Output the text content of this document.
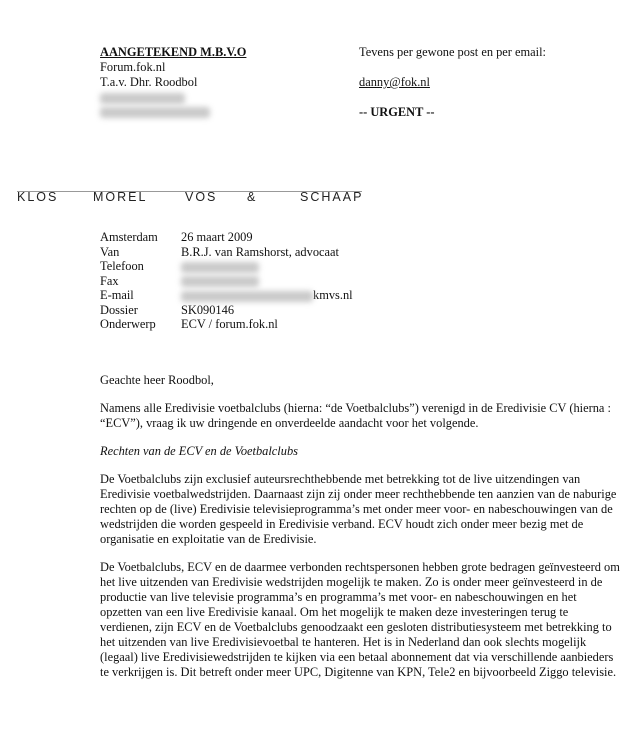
AANGETEKEND M.B.V.O
Forum.fok.nl
T.a.v. Dhr. Roodbol
Tevens per gewone post en per email:
danny@fok.nl
-- URGENT --
KLOS	MOREL	VOS &	SCHAAP
Amsterdam	26 maart 2009
Van	B.R.J. van Ramshorst, advocaat
Telefoon	
Fax	
E-mail	kmvs.nl
Dossier	SK090146
Onderwerp	ECV / forum.fok.nl

Geachte heer Roodbol,

Namens alle Eredivisie voetbalclubs (hierna: “de Voetbalclubs”) verenigd in de Eredivisie CV (hierna : “ECV”), vraag ik uw dringende en onverdeelde aandacht voor het volgende.

Rechten van de ECV en de Voetbalclubs

De Voetbalclubs zijn exclusief auteursrechthebbende met betrekking tot de live uitzendingen van Eredivisie voetbalwedstrijden. Daarnaast zijn zij onder meer rechthebbende ten aanzien van de naburige rechten op de (live) Eredivisie televisieprogramma’s met onder meer voor- en nabeschouwingen van de wedstrijden die worden gespeeld in Eredivisie verband. ECV houdt zich onder meer bezig met de organisatie en exploitatie van de Eredivisie.

De Voetbalclubs, ECV en de daarmee verbonden rechtspersonen hebben grote bedragen geïnvesteerd om het live uitzenden van Eredivisie wedstrijden mogelijk te maken. Zo is onder meer geïnvesteerd in de productie van live televisie programma’s en programma’s met voor- en nabeschouwingen en het opzetten van een live Eredivisie kanaal. Om het mogelijk te maken deze investeringen terug te verdienen, zijn ECV en de Voetbalclubs genoodzaakt een gesloten distributiesysteem met betrekking to het uitzenden van live Eredivisievoetbal te hanteren. Het is in Nederland dan ook slechts mogelijk (legaal) live Eredivisiewedstrijden te kijken via een betaal abonnement dat via verschillende aanbieders te verkrijgen is. Dit betreft onder meer UPC, Digitenne van KPN, Tele2 en bijvoorbeeld Ziggo televisie.
